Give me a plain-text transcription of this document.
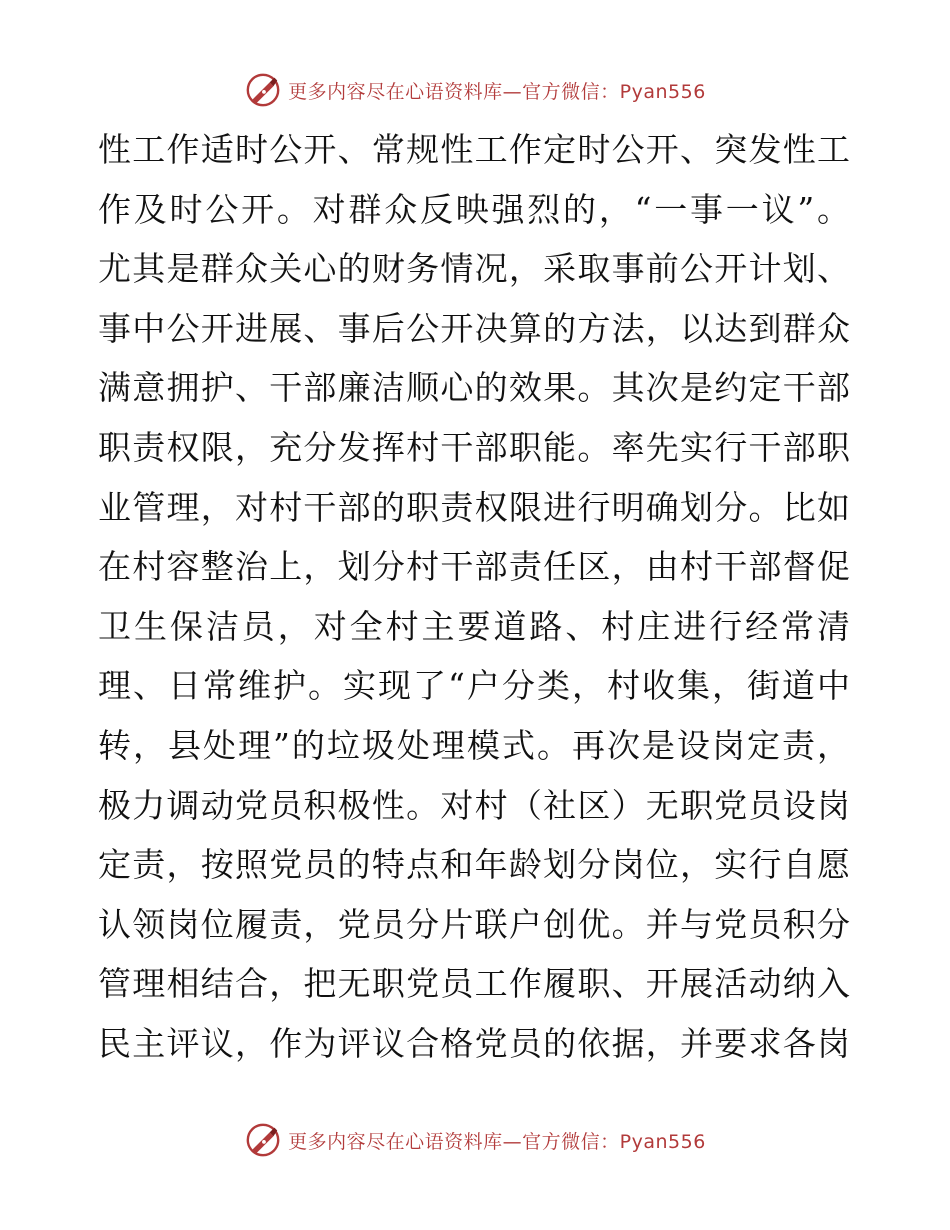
更多内容尽在心语资料库—官方微信：Pyan556
性工作适时公开、常规性工作定时公开、突发性工
作及时公开。对群众反映强烈的，“一事一议”。
尤其是群众关心的财务情况，采取事前公开计划、
事中公开进展、事后公开决算的方法，以达到群众
满意拥护、干部廉洁顺心的效果。其次是约定干部
职责权限，充分发挥村干部职能。率先实行干部职
业管理，对村干部的职责权限进行明确划分。比如
在村容整治上，划分村干部责任区，由村干部督促
卫生保洁员，对全村主要道路、村庄进行经常清
理、日常维护。实现了“户分类，村收集，街道中
转，县处理”的垃圾处理模式。再次是设岗定责，
极力调动党员积极性。对村（社区）无职党员设岗
定责，按照党员的特点和年龄划分岗位，实行自愿
认领岗位履责，党员分片联户创优。并与党员积分
管理相结合，把无职党员工作履职、开展活动纳入
民主评议，作为评议合格党员的依据，并要求各岗
更多内容尽在心语资料库—官方微信：Pyan556
